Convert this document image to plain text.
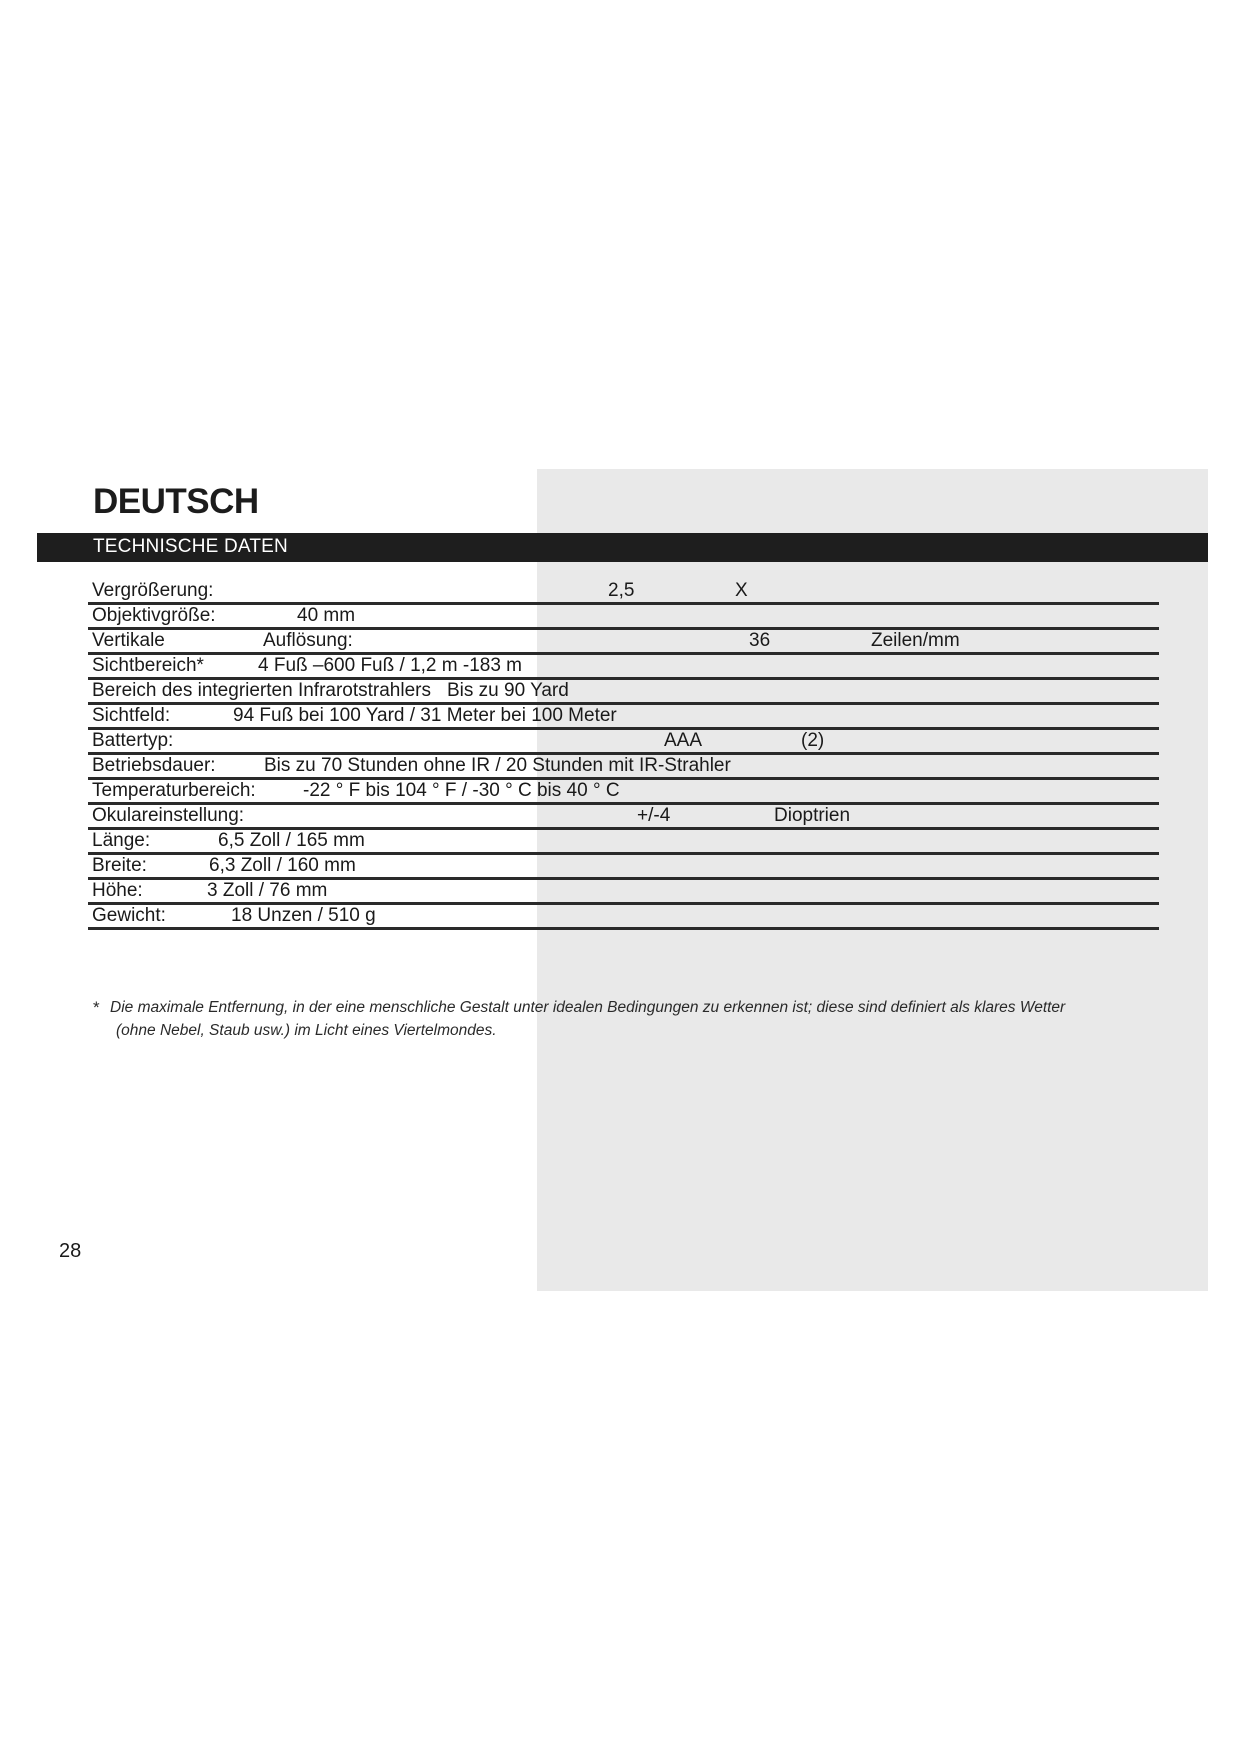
DEUTSCH
TECHNISCHE DATEN
Vergrößerung:	2,5	X
Objektivgröße:	40 mm
Vertikale	Auflösung:	36	Zeilen/mm
Sichtbereich*	4 Fuß –600 Fuß / 1,2 m -183 m
Bereich des integrierten Infrarotstrahlers Bis zu 90 Yard
Sichtfeld:	94 Fuß bei 100 Yard / 31 Meter bei 100 Meter
Battertyp:	AAA	(2)
Betriebsdauer:	Bis zu 70 Stunden ohne IR / 20 Stunden mit IR-Strahler
Temperaturbereich: -22 ° F bis 104 ° F / -30 ° C bis 40 ° C
Okulareinstellung:	+/-4	Dioptrien
Länge:	6,5 Zoll / 165 mm
Breite:	6,3 Zoll / 160 mm
Höhe:	3 Zoll / 76 mm
Gewicht:	18 Unzen / 510 g
* Die maximale Entfernung, in der eine menschliche Gestalt unter idealen Bedingungen zu erkennen ist; diese sind definiert als klares Wetter
(ohne Nebel, Staub usw.) im Licht eines Viertelmondes.
28
